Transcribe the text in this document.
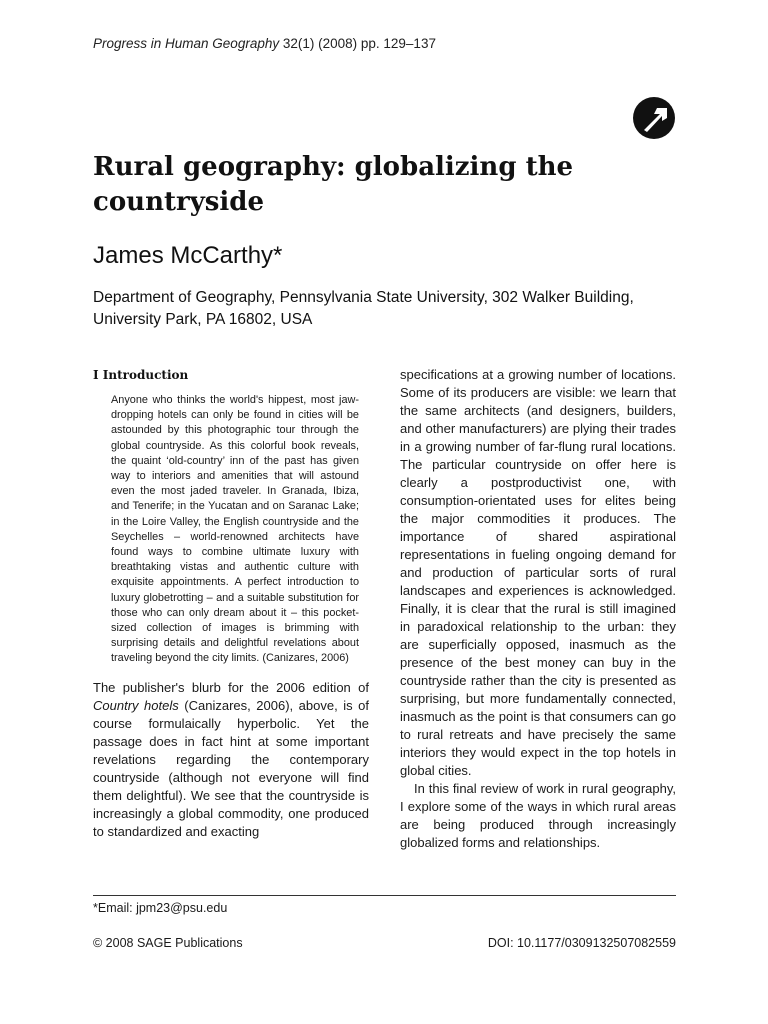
Progress in Human Geography 32(1) (2008) pp. 129–137
Rural geography: globalizing the countryside
James McCarthy*
Department of Geography, Pennsylvania State University, 302 Walker Building, University Park, PA 16802, USA
I Introduction

Anyone who thinks the world's hippest, most jaw-dropping hotels can only be found in cities will be astounded by this photographic tour through the global countryside. As this colorful book reveals, the quaint ‘old-country’ inn of the past has given way to interiors and amenities that will astound even the most jaded traveler. In Granada, Ibiza, and Tenerife; in the Yucatan and on Saranac Lake; in the Loire Valley, the English countryside and the Seychelles – world-renowned architects have found ways to combine ultimate luxury with breathtaking vistas and authentic culture with exquisite appointments. A perfect introduction to luxury globetrotting – and a suitable substitution for those who can only dream about it – this pocket-sized collection of images is brimming with surprising details and delightful revelations about traveling beyond the city limits. (Canizares, 2006)

The publisher's blurb for the 2006 edition of Country hotels (Canizares, 2006), above, is of course formulaically hyperbolic. Yet the passage does in fact hint at some important revelations regarding the contemporary countryside (although not everyone will find them delightful). We see that the countryside is increasingly a global commodity, one produced to standardized and exacting

specifications at a growing number of locations. Some of its producers are visible: we learn that the same architects (and designers, builders, and other manufacturers) are plying their trades in a growing number of far-flung rural locations. The particular countryside on offer here is clearly a postproductivist one, with consumption-orientated uses for elites being the major commodities it produces. The importance of shared aspirational representations in fueling ongoing demand for and production of particular sorts of rural landscapes and experiences is acknowledged. Finally, it is clear that the rural is still imagined in paradoxical relationship to the urban: they are superficially opposed, inasmuch as the presence of the best money can buy in the countryside rather than the city is presented as surprising, but more fundamentally connected, inasmuch as the point is that consumers can go to rural retreats and have precisely the same interiors they would expect in the top hotels in global cities.

In this final review of work in rural geography, I explore some of the ways in which rural areas are being produced through increasingly globalized forms and relationships.

*Email: jpm23@psu.edu
© 2008 SAGE Publications	DOI: 10.1177/0309132507082559
